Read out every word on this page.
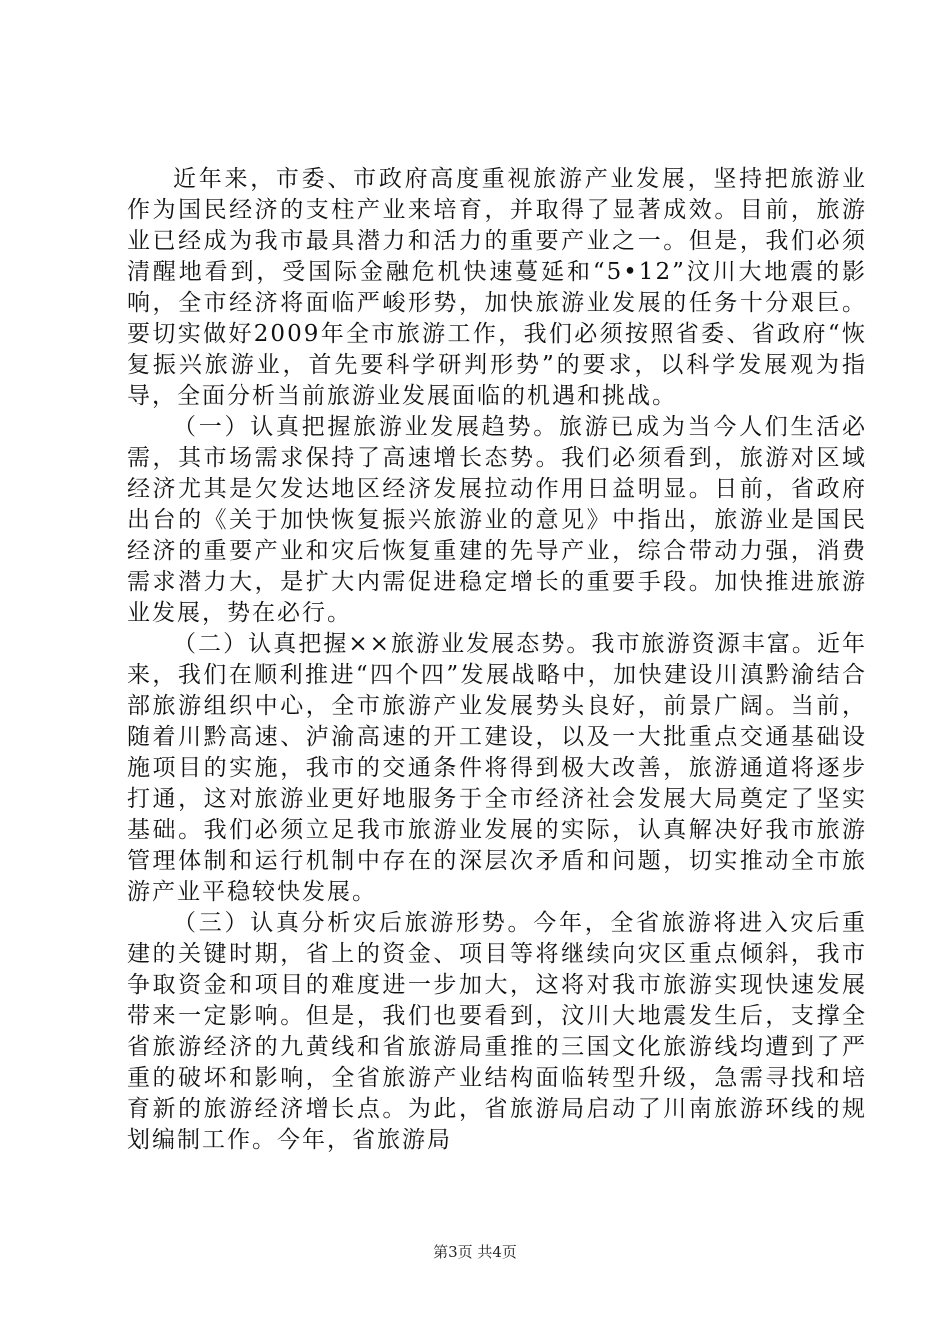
近年来，市委、市政府高度重视旅游产业发展，坚持把旅游业作为国民经济的支柱产业来培育，并取得了显著成效。目前，旅游业已经成为我市最具潜力和活力的重要产业之一。但是，我们必须清醒地看到，受国际金融危机快速蔓延和“5•12”汶川大地震的影响，全市经济将面临严峻形势，加快旅游业发展的任务十分艰巨。要切实做好2009年全市旅游工作，我们必须按照省委、省政府“恢复振兴旅游业，首先要科学研判形势”的要求，以科学发展观为指导，全面分析当前旅游业发展面临的机遇和挑战。

（一）认真把握旅游业发展趋势。旅游已成为当今人们生活必需，其市场需求保持了高速增长态势。我们必须看到，旅游对区域经济尤其是欠发达地区经济发展拉动作用日益明显。日前，省政府出台的《关于加快恢复振兴旅游业的意见》中指出，旅游业是国民经济的重要产业和灾后恢复重建的先导产业，综合带动力强，消费需求潜力大，是扩大内需促进稳定增长的重要手段。加快推进旅游业发展，势在必行。

（二）认真把握××旅游业发展态势。我市旅游资源丰富。近年来，我们在顺利推进“四个四”发展战略中，加快建设川滇黔渝结合部旅游组织中心，全市旅游产业发展势头良好，前景广阔。当前，随着川黔高速、泸渝高速的开工建设，以及一大批重点交通基础设施项目的实施，我市的交通条件将得到极大改善，旅游通道将逐步打通，这对旅游业更好地服务于全市经济社会发展大局奠定了坚实基础。我们必须立足我市旅游业发展的实际，认真解决好我市旅游管理体制和运行机制中存在的深层次矛盾和问题，切实推动全市旅游产业平稳较快发展。

（三）认真分析灾后旅游形势。今年，全省旅游将进入灾后重建的关键时期，省上的资金、项目等将继续向灾区重点倾斜，我市争取资金和项目的难度进一步加大，这将对我市旅游实现快速发展带来一定影响。但是，我们也要看到，汶川大地震发生后，支撑全省旅游经济的九黄线和省旅游局重推的三国文化旅游线均遭到了严重的破坏和影响，全省旅游产业结构面临转型升级，急需寻找和培育新的旅游经济增长点。为此，省旅游局启动了川南旅游环线的规划编制工作。今年，省旅游局

第3页 共4页
